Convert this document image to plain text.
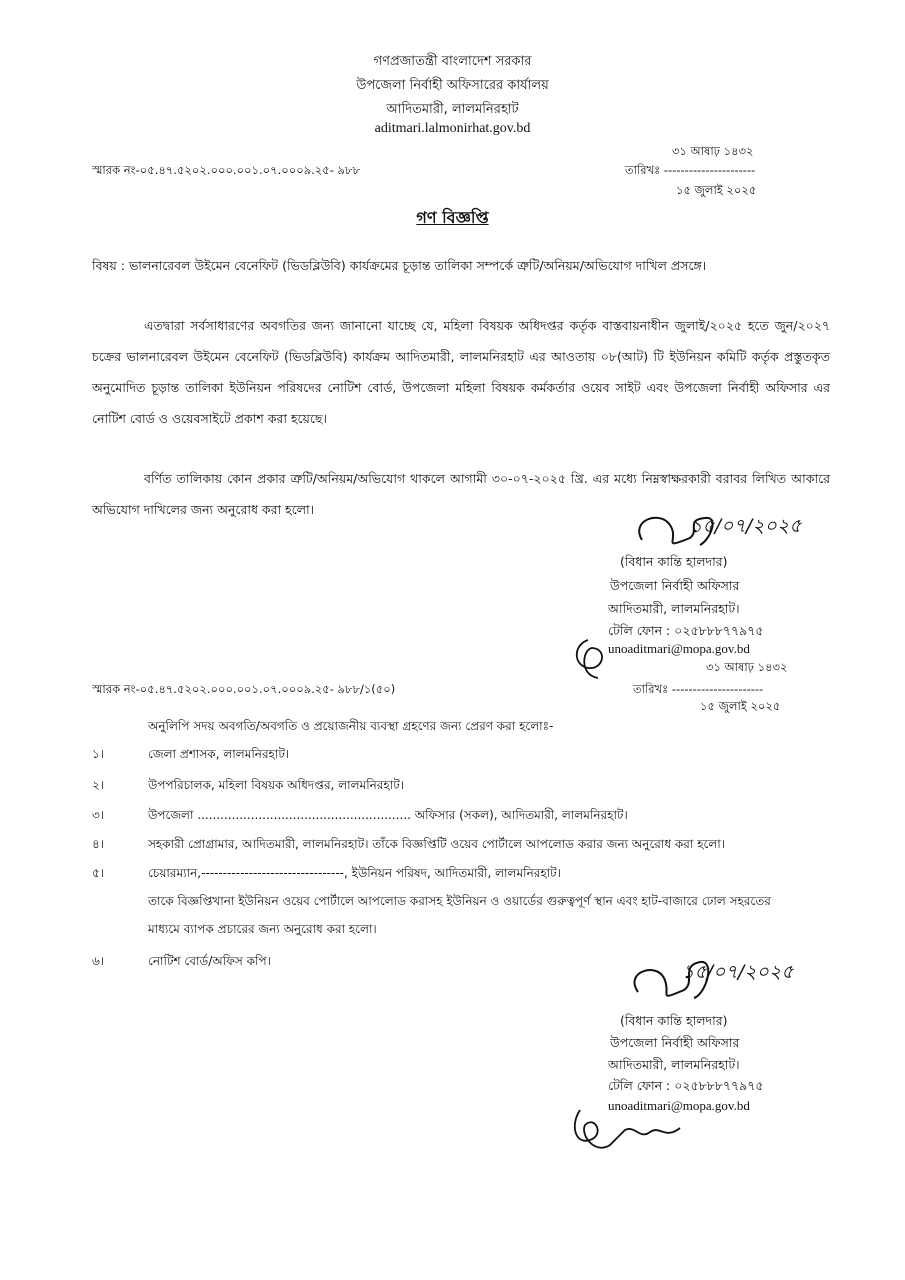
গণপ্রজাতন্ত্রী বাংলাদেশ সরকার
উপজেলা নির্বাহী অফিসারের কার্যালয়
আদিতমারী, লালমনিরহাট
aditmari.lalmonirhat.gov.bd
৩১ আষাঢ় ১৪৩২
স্মারক নং-০৫.৪৭.৫২০২.০০০.০০১.০৭.০০০৯.২৫- ৯৮৮	তারিখঃ ----------------------
১৫ জুলাই ২০২৫
গণ বিজ্ঞপ্তি
বিষয় : ভালনারেবল উইমেন বেনেফিট (ভিডব্লিউবি) কার্যক্রমের চূড়ান্ত তালিকা সম্পর্কে ত্রুটি/অনিয়ম/অভিযোগ দাখিল প্রসঙ্গে।
এতদ্বারা সর্বসাধারণের অবগতির জন্য জানানো যাচ্ছে যে, মহিলা বিষয়ক অধিদপ্তর কর্তৃক বাস্তবায়নাধীন জুলাই/২০২৫ হতে জুন/২০২৭ চক্রের ভালনারেবল উইমেন বেনেফিট (ভিডব্লিউবি) কার্যক্রম আদিতমারী, লালমনিরহাট এর আওতায় ০৮(আট) টি ইউনিয়ন কমিটি কর্তৃক প্রস্তুতকৃত অনুমোদিত চূড়ান্ত তালিকা ইউনিয়ন পরিষদের নোটিশ বোর্ড, উপজেলা মহিলা বিষয়ক কর্মকর্তার ওয়েব সাইট এবং উপজেলা নির্বাহী অফিসার এর নোটিশ বোর্ড ও ওয়েবসাইটে প্রকাশ করা হয়েছে।
বর্ণিত তালিকায় কোন প্রকার ত্রুটি/অনিয়ম/অভিযোগ থাকলে আগামী ৩০-০৭-২০২৫ খ্রি. এর মধ্যে নিম্নস্বাক্ষরকারী বরাবর লিখিত আকারে অভিযোগ দাখিলের জন্য অনুরোধ করা হলো।
১৫/০৭/২০২৫
(বিধান কান্তি হালদার)
উপজেলা নির্বাহী অফিসার
আদিতমারী, লালমনিরহাট।
টেলি ফোন : ০২৫৮৮৮৭৭৯৭৫
unoaditmari@mopa.gov.bd
৩১ আষাঢ় ১৪৩২
স্মারক নং-০৫.৪৭.৫২০২.০০০.০০১.০৭.০০০৯.২৫- ৯৮৮/১(৫০)	তারিখঃ ----------------------
১৫ জুলাই ২০২৫
অনুলিপি সদয় অবগতি/অবগতি ও প্রয়োজনীয় ব্যবস্থা গ্রহণের জন্য প্রেরণ করা হলোঃ-
১।	জেলা প্রশাসক, লালমনিরহাট।
২।	উপপরিচালক, মহিলা বিষয়ক অধিদপ্তর, লালমনিরহাট।
৩।	উপজেলা ........................................................ অফিসার (সকল), আদিতমারী, লালমনিরহাট।
৪।	সহকারী প্রোগ্রামার, আদিতমারী, লালমনিরহাট। তাঁকে বিজ্ঞপ্তিটি ওয়েব পোর্টালে আপলোড করার জন্য অনুরোধ করা হলো।
৫।	চেয়ারম্যান,---------------------------------, ইউনিয়ন পরিষদ, আদিতমারী, লালমনিরহাট।
তাকে বিজ্ঞপ্তিখানা ইউনিয়ন ওয়েব পোর্টালে আপলোড করাসহ ইউনিয়ন ও ওয়ার্ডের গুরুত্বপূর্ণ স্থান এবং হাট-বাজারে ঢোল সহরতের
মাধ্যমে ব্যাপক প্রচারের জন্য অনুরোধ করা হলো।
৬।	নোটিশ বোর্ড/অফিস কপি।	১৫/০৭/২০২৫
(বিধান কান্তি হালদার)
উপজেলা নির্বাহী অফিসার
আদিতমারী, লালমনিরহাট।
টেলি ফোন : ০২৫৮৮৮৭৭৯৭৫
unoaditmari@mopa.gov.bd
